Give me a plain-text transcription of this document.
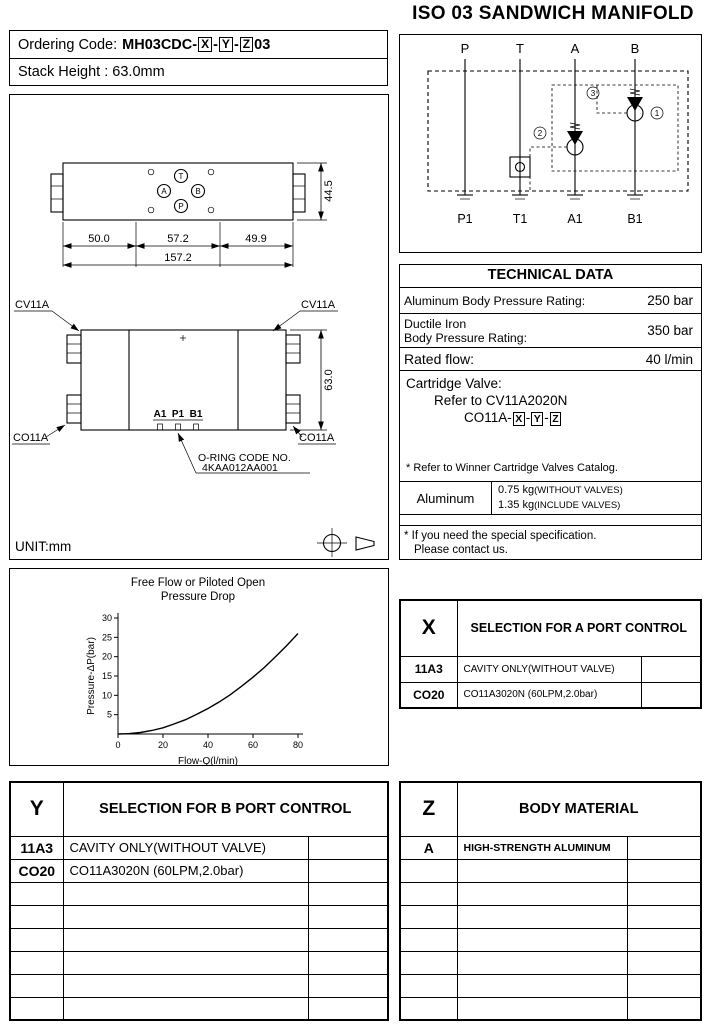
ISO 03 SANDWICH MANIFOLD
Ordering Code: MH03CDC- X - Y - Z 03
Stack Height : 63.0mm
P	T	A	B
2
3
1
P1	T1	A1	B1
T
A	B
P
44.5
50.0	57.2	49.9
157.2
A1 P1 B1
63.0
CV11A	CV11A
CO11A	CO11A
O-RING CODE NO.
4KAA012AA001
UNIT:mm
TECHNICAL DATA
Aluminum Body Pressure Rating:	250 bar
Ductile Iron
Body Pressure Rating:	350 bar
Rated flow:	40 l/min
Cartridge Valve:
Refer to CV11A2020N
CO11A- X - Y - Z
* Refer to Winner Cartridge Valves Catalog.
Aluminum
0.75 kg(WITHOUT VALVES)
1.35 kg(INCLUDE VALVES)
* If you need the special specification.
Please contact us.
Free Flow or Piloted Open
Pressure Drop
Pressure-ΔP(bar)
Flow-Q(l/min)
5
10
15
20
25
30
0	20	40	60	80
X	SELECTION FOR A PORT CONTROL	
11A3	CAVITY ONLY(WITHOUT VALVE)	
CO20	CO11A3020N (60LPM,2.0bar)	
Y	SELECTION FOR B PORT CONTROL	
11A3	CAVITY ONLY(WITHOUT VALVE)	
CO20	CO11A3020N (60LPM,2.0bar)	

Z	BODY MATERIAL	
A	HIGH-STRENGTH ALUMINUM	
